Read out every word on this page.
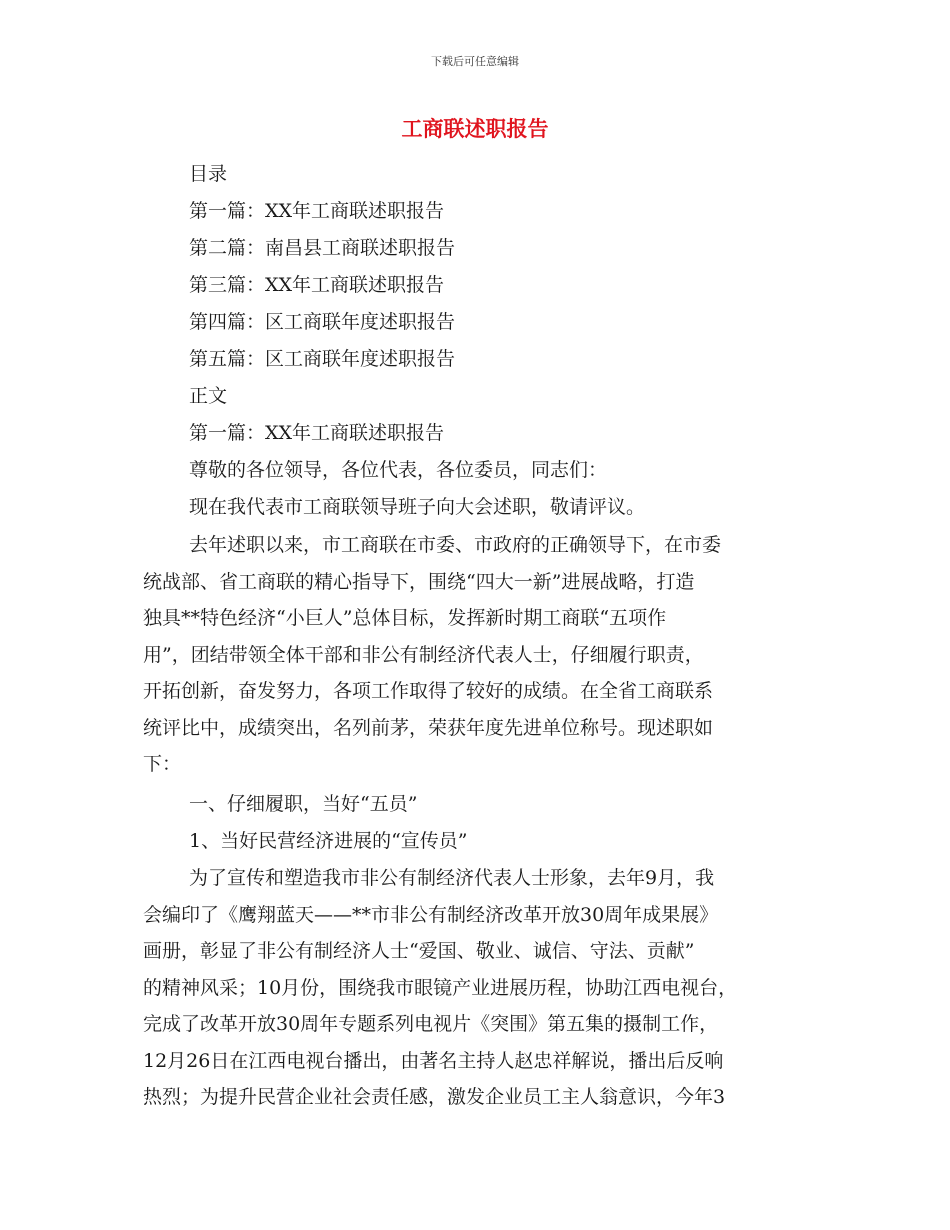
下载后可任意编辑
工商联述职报告
目录
第一篇：XX年工商联述职报告
第二篇：南昌县工商联述职报告
第三篇：XX年工商联述职报告
第四篇：区工商联年度述职报告
第五篇：区工商联年度述职报告
正文
第一篇：XX年工商联述职报告
尊敬的各位领导，各位代表，各位委员，同志们：
现在我代表市工商联领导班子向大会述职，敬请评议。
去年述职以来，市工商联在市委、市政府的正确领导下，在市委
统战部、省工商联的精心指导下，围绕“四大一新”进展战略，打造
独具**特色经济“小巨人”总体目标，发挥新时期工商联“五项作
用”，团结带领全体干部和非公有制经济代表人士，仔细履行职责，
开拓创新，奋发努力，各项工作取得了较好的成绩。在全省工商联系
统评比中，成绩突出，名列前茅，荣获年度先进单位称号。现述职如
下：
一、仔细履职，当好“五员”
1、当好民营经济进展的“宣传员”
为了宣传和塑造我市非公有制经济代表人士形象，去年9月，我
会编印了《鹰翔蓝天——**市非公有制经济改革开放30周年成果展》
画册，彰显了非公有制经济人士“爱国、敬业、诚信、守法、贡献”
的精神风采；10月份，围绕我市眼镜产业进展历程，协助江西电视台，
完成了改革开放30周年专题系列电视片《突围》第五集的摄制工作，
12月26日在江西电视台播出，由著名主持人赵忠祥解说，播出后反响
热烈；为提升民营企业社会责任感，激发企业员工主人翁意识，今年3
